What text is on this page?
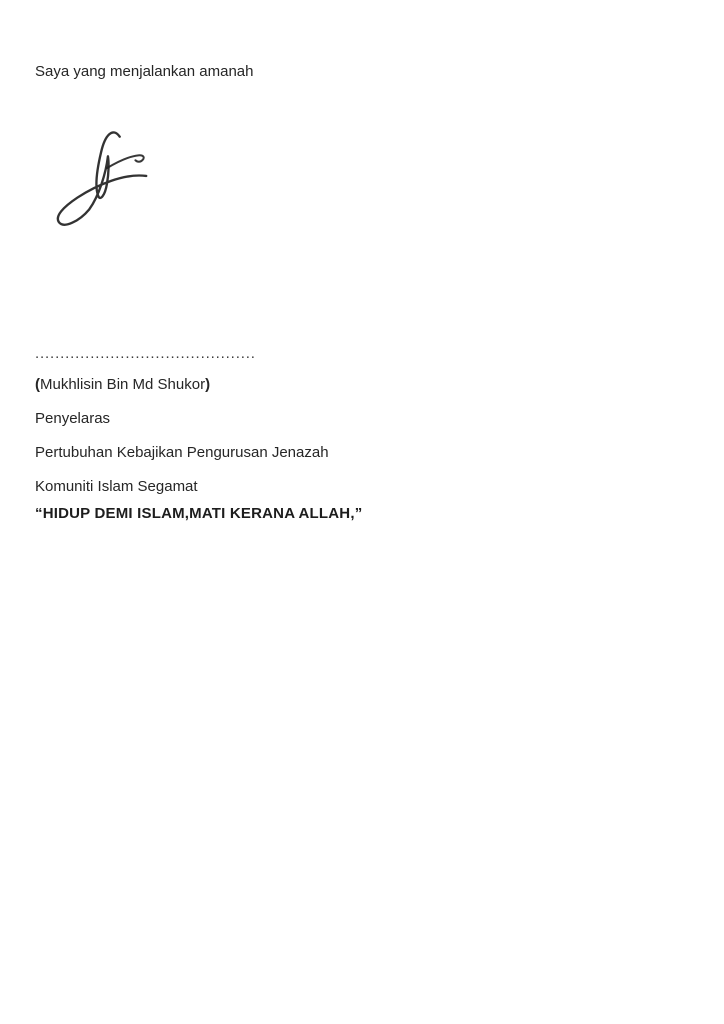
Saya yang menjalankan amanah
............................................
(Mukhlisin Bin Md Shukor)
Penyelaras
Pertubuhan Kebajikan Pengurusan Jenazah
Komuniti Islam Segamat
“HIDUP DEMI ISLAM,MATI KERANA ALLAH,”
